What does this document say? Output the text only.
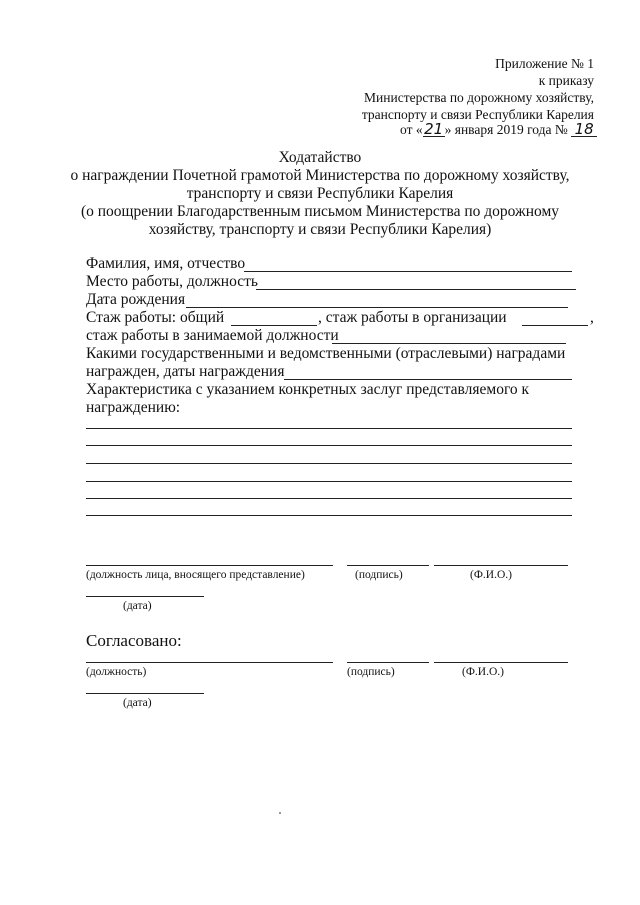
Приложение № 1
к приказу
Министерства по дорожному хозяйству,
транспорту и связи Республики Карелия
от «21» января 2019 года № 18
Ходатайство
о награждении Почетной грамотой Министерства по дорожному хозяйству,
транспорту и связи Республики Карелия
(о поощрении Благодарственным письмом Министерства по дорожному
хозяйству, транспорту и связи Республики Карелия)
Фамилия, имя, отчество
Место работы, должность
Дата рождения
Стаж работы: общий	, стаж работы в организации	,
стаж работы в занимаемой должности
Какими государственными и ведомственными (отраслевыми) наградами
награжден, даты награждения
Характеристика с указанием конкретных заслуг представляемого к
награждению:
(должность лица, вносящего представление)	(подпись)	(Ф.И.О.)
(дата)
Согласовано:
(должность)	(подпись)	(Ф.И.О.)
(дата)
